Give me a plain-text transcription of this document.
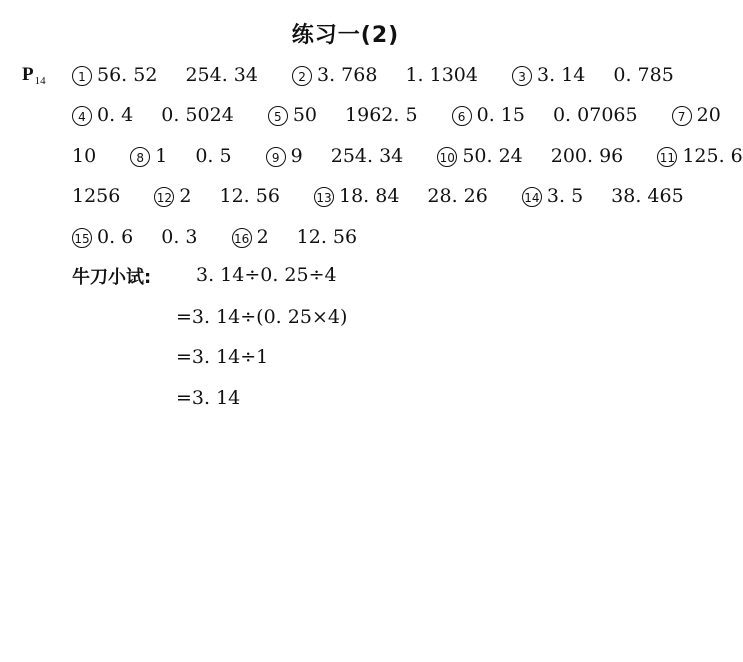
练习一(2)
$P_{14}$	1 56. 52 254. 34	2 3. 768 1. 1304	3 3. 14 0. 785
4 0. 4 0. 5024	5 50 1962. 5	6 0. 15 0. 07065	7 20
10	8 1 0. 5	9 9 254. 34	10 50. 24 200. 96	11 125. 6
1256	12 2 12. 56	13 18. 84 28. 26	14 3. 5 38. 465
15 0. 6 0. 3	16 2 12. 56
牛刀小试: 3. 14÷0. 25÷4
=3. 14÷(0. 25×4)
=3. 14÷1
=3. 14
